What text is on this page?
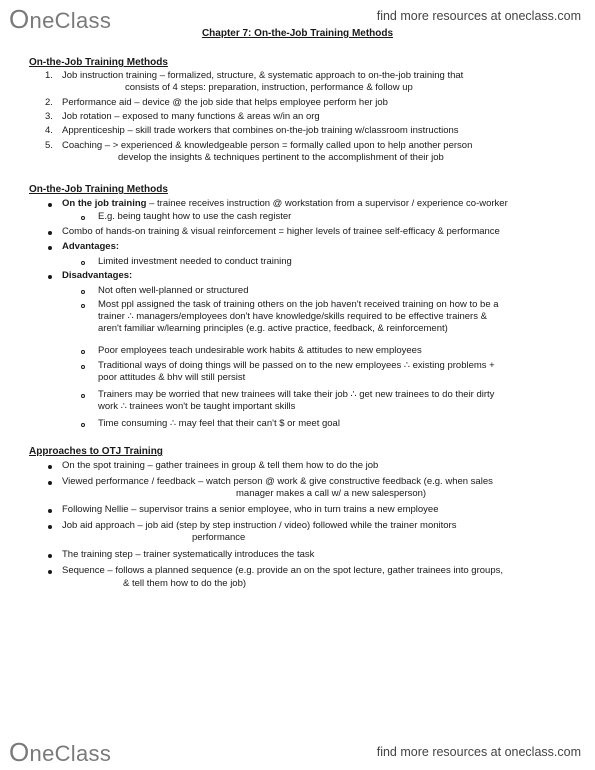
OneClass	find more resources at oneclass.com
Chapter 7: On-the-Job Training Methods
On-the-Job Training Methods
1. Job instruction training – formalized, structure, & systematic approach to on-the-job training that
consists of 4 steps: preparation, instruction, performance & follow up
2. Performance aid – device @ the job side that helps employee perform her job
3. Job rotation – exposed to many functions & areas w/in an org
4. Apprenticeship – skill trade workers that combines on-the-job training w/classroom instructions
5. Coaching – > experienced & knowledgeable person = formally called upon to help another person
develop the insights & techniques pertinent to the accomplishment of their job
On-the-Job Training Methods
On the job training – trainee receives instruction @ workstation from a supervisor / experience co-worker
E.g. being taught how to use the cash register
Combo of hands-on training & visual reinforcement = higher levels of trainee self-efficacy & performance
Advantages:
Limited investment needed to conduct training
Disadvantages:
Not often well-planned or structured
Most ppl assigned the task of training others on the job haven't received training on how to be a
trainer ∴ managers/employees don't have knowledge/skills required to be effective trainers &
aren't familiar w/learning principles (e.g. active practice, feedback, & reinforcement)
Poor employees teach undesirable work habits & attitudes to new employees
Traditional ways of doing things will be passed on to the new employees ∴ existing problems +
poor attitudes & bhv will still persist
Trainers may be worried that new trainees will take their job ∴ get new trainees to do their dirty
work ∴ trainees won't be taught important skills
Time consuming ∴ may feel that their can't $ or meet goal
Approaches to OTJ Training
On the spot training – gather trainees in group & tell them how to do the job
Viewed performance / feedback – watch person @ work & give constructive feedback (e.g. when sales
manager makes a call w/ a new salesperson)
Following Nellie – supervisor trains a senior employee, who in turn trains a new employee
Job aid approach – job aid (step by step instruction / video) followed while the trainer monitors
performance
The training step – trainer systematically introduces the task
Sequence – follows a planned sequence (e.g. provide an on the spot lecture, gather trainees into groups,
& tell them how to do the job)
OneClass	find more resources at oneclass.com
